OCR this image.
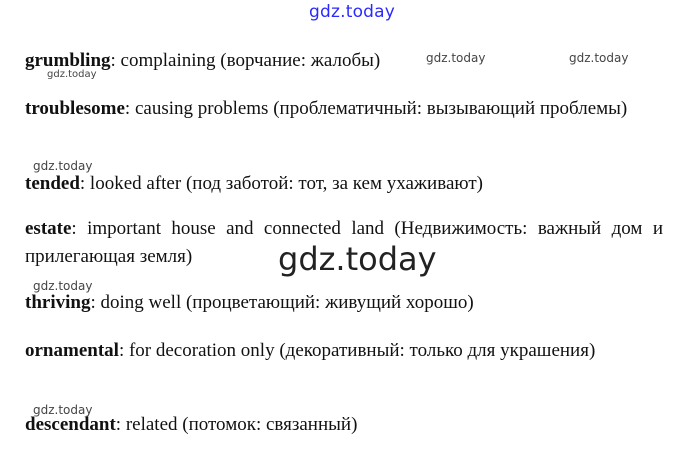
gdz.today
grumbling: complaining (ворчание: жалобы)
troublesome: causing problems (проблематичный: вызывающий проблемы)
tended: looked after (под заботой: тот, за кем ухаживают)
estate: important house and connected land (Недвижимость: важный дом и прилегающая земля)
thriving: doing well (процветающий: живущий хорошо)
ornamental: for decoration only (декоративный: только для украшения)
descendant: related (потомок: связанный)
gdz.today	gdz.today
gdz.today
gdz.today
gdz.today
gdz.today
gdz.today
